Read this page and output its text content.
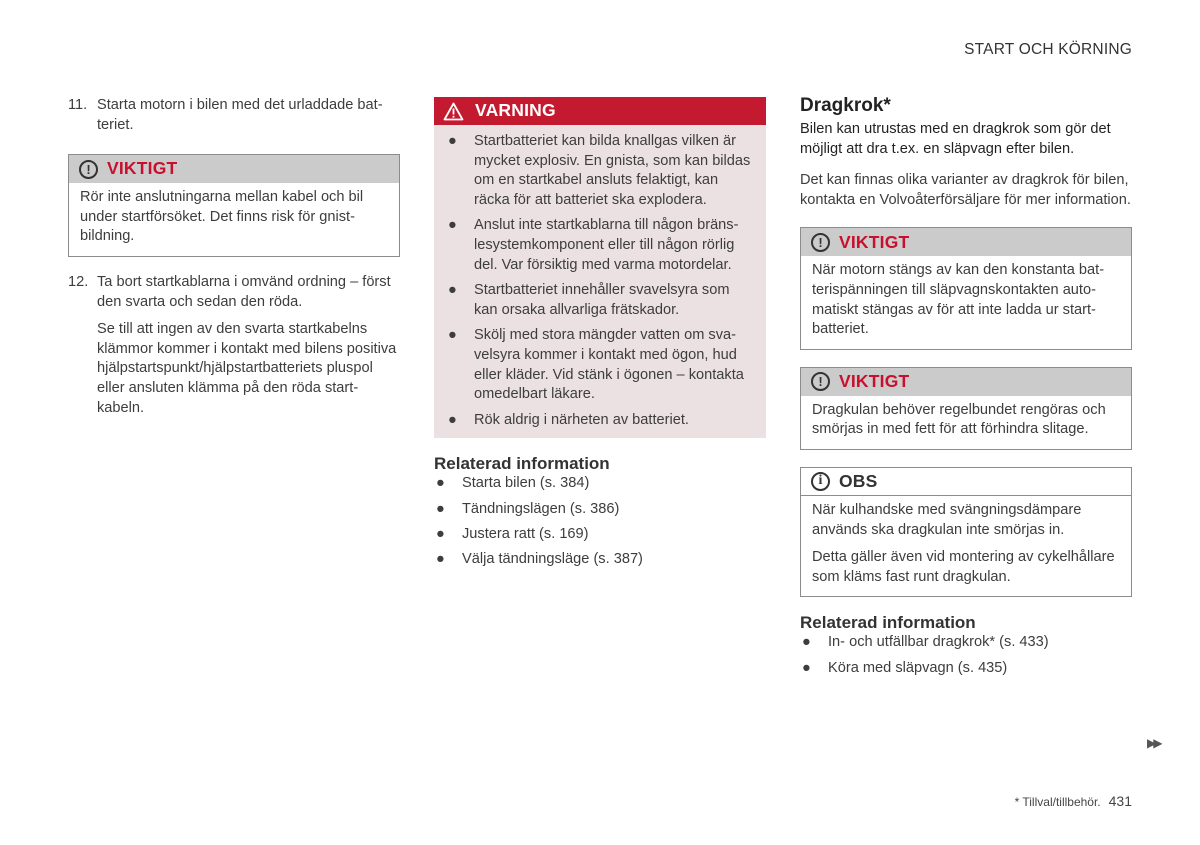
START OCH KÖRNING
11. Starta motorn i bilen med det urladdade batteriet.

! VIKTIGT

Rör inte anslutningarna mellan kabel och bil under startförsöket. Det finns risk för gnistbildning.

12. Ta bort startkablarna i omvänd ordning – först den svarta och sedan den röda.

Se till att ingen av den svarta startkabelns klämmor kommer i kontakt med bilens positiva hjälpstartspunkt/hjälpstartbatteriets pluspol eller ansluten klämma på den röda startkabeln.

VARNING
● Startbatteriet kan bilda knallgas vilken är mycket explosiv. En gnista, som kan bildas om en startkabel ansluts felaktigt, kan räcka för att batteriet ska explodera.
● Anslut inte startkablarna till någon bränslesystemkomponent eller till någon rörlig del. Var försiktig med varma motordelar.
● Startbatteriet innehåller svavelsyra som kan orsaka allvarliga frätskador.
● Skölj med stora mängder vatten om svavelsyra kommer i kontakt med ögon, hud eller kläder. Vid stänk i ögonen – kontakta omedelbart läkare.
● Rök aldrig i närheten av batteriet.
Relaterad information
● Starta bilen (s. 384)
● Tändningslägen (s. 386)
● Justera ratt (s. 169)
● Välja tändningsläge (s. 387)
Dragkrok*

Bilen kan utrustas med en dragkrok som gör det möjligt att dra t.ex. en släpvagn efter bilen.

Det kan finnas olika varianter av dragkrok för bilen, kontakta en Volvoåterförsäljare för mer information.

! VIKTIGT

När motorn stängs av kan den konstanta batterispänningen till släpvagnskontakten automatiskt stängas av för att inte ladda ur startbatteriet.

! VIKTIGT

Dragkulan behöver regelbundet rengöras och smörjas in med fett för att förhindra slitage.

i OBS

När kulhandske med svängningsdämpare används ska dragkulan inte smörjas in.

Detta gäller även vid montering av cykelhållare som kläms fast runt dragkulan.

Relaterad information
● In- och utfällbar dragkrok* (s. 433)
● Köra med släpvagn (s. 435)
▶▶
* Tillval/tillbehör. 431
